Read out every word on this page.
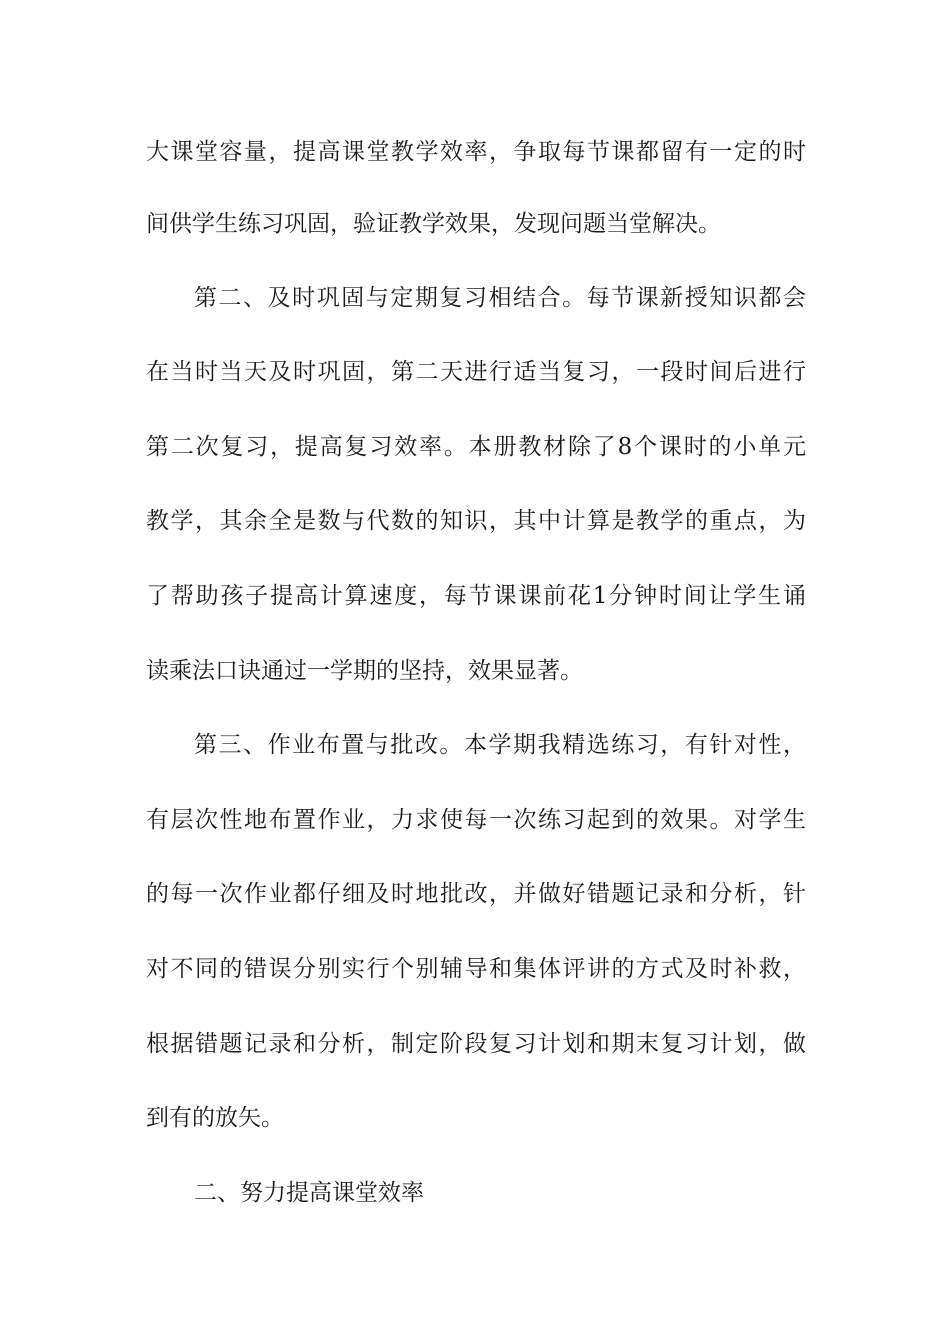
大课堂容量，提高课堂教学效率，争取每节课都留有一定的时
间供学生练习巩固，验证教学效果，发现问题当堂解决。
第二、及时巩固与定期复习相结合。每节课新授知识都会
在当时当天及时巩固，第二天进行适当复习，一段时间后进行
第二次复习，提高复习效率。本册教材除了8个课时的小单元
教学，其余全是数与代数的知识，其中计算是教学的重点，为
了帮助孩子提高计算速度，每节课课前花1分钟时间让学生诵
读乘法口诀通过一学期的坚持，效果显著。
第三、作业布置与批改。本学期我精选练习，有针对性，
有层次性地布置作业，力求使每一次练习起到的效果。对学生
的每一次作业都仔细及时地批改，并做好错题记录和分析，针
对不同的错误分别实行个别辅导和集体评讲的方式及时补救，
根据错题记录和分析，制定阶段复习计划和期末复习计划，做
到有的放矢。
二、努力提高课堂效率
